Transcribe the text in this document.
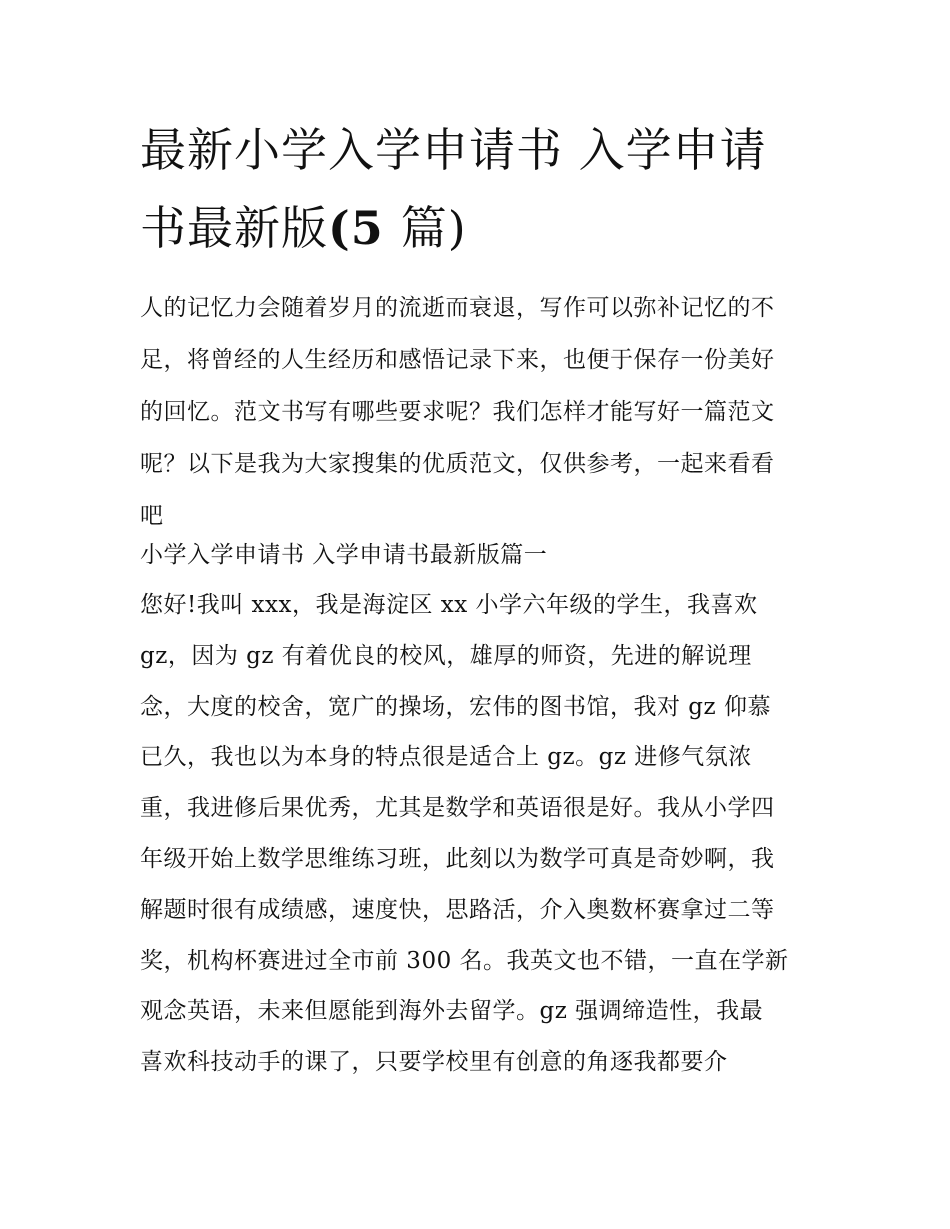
最新小学入学申请书 入学申请
书最新版(5 篇)

人的记忆力会随着岁月的流逝而衰退，写作可以弥补记忆的不
足，将曾经的人生经历和感悟记录下来，也便于保存一份美好
的回忆。范文书写有哪些要求呢？我们怎样才能写好一篇范文
呢？以下是我为大家搜集的优质范文，仅供参考，一起来看看
吧

小学入学申请书 入学申请书最新版篇一

您好!我叫 xxx，我是海淀区 xx 小学六年级的学生，我喜欢
gz，因为 gz 有着优良的校风，雄厚的师资，先进的解说理
念，大度的校舍，宽广的操场，宏伟的图书馆，我对 gz 仰慕
已久，我也以为本身的特点很是适合上 gz。gz 进修气氛浓
重，我进修后果优秀，尤其是数学和英语很是好。我从小学四
年级开始上数学思维练习班，此刻以为数学可真是奇妙啊，我
解题时很有成绩感，速度快，思路活，介入奥数杯赛拿过二等
奖，机构杯赛进过全市前 300 名。我英文也不错，一直在学新
观念英语，未来但愿能到海外去留学。gz 强调缔造性，我最
喜欢科技动手的课了，只要学校里有创意的角逐我都要介
